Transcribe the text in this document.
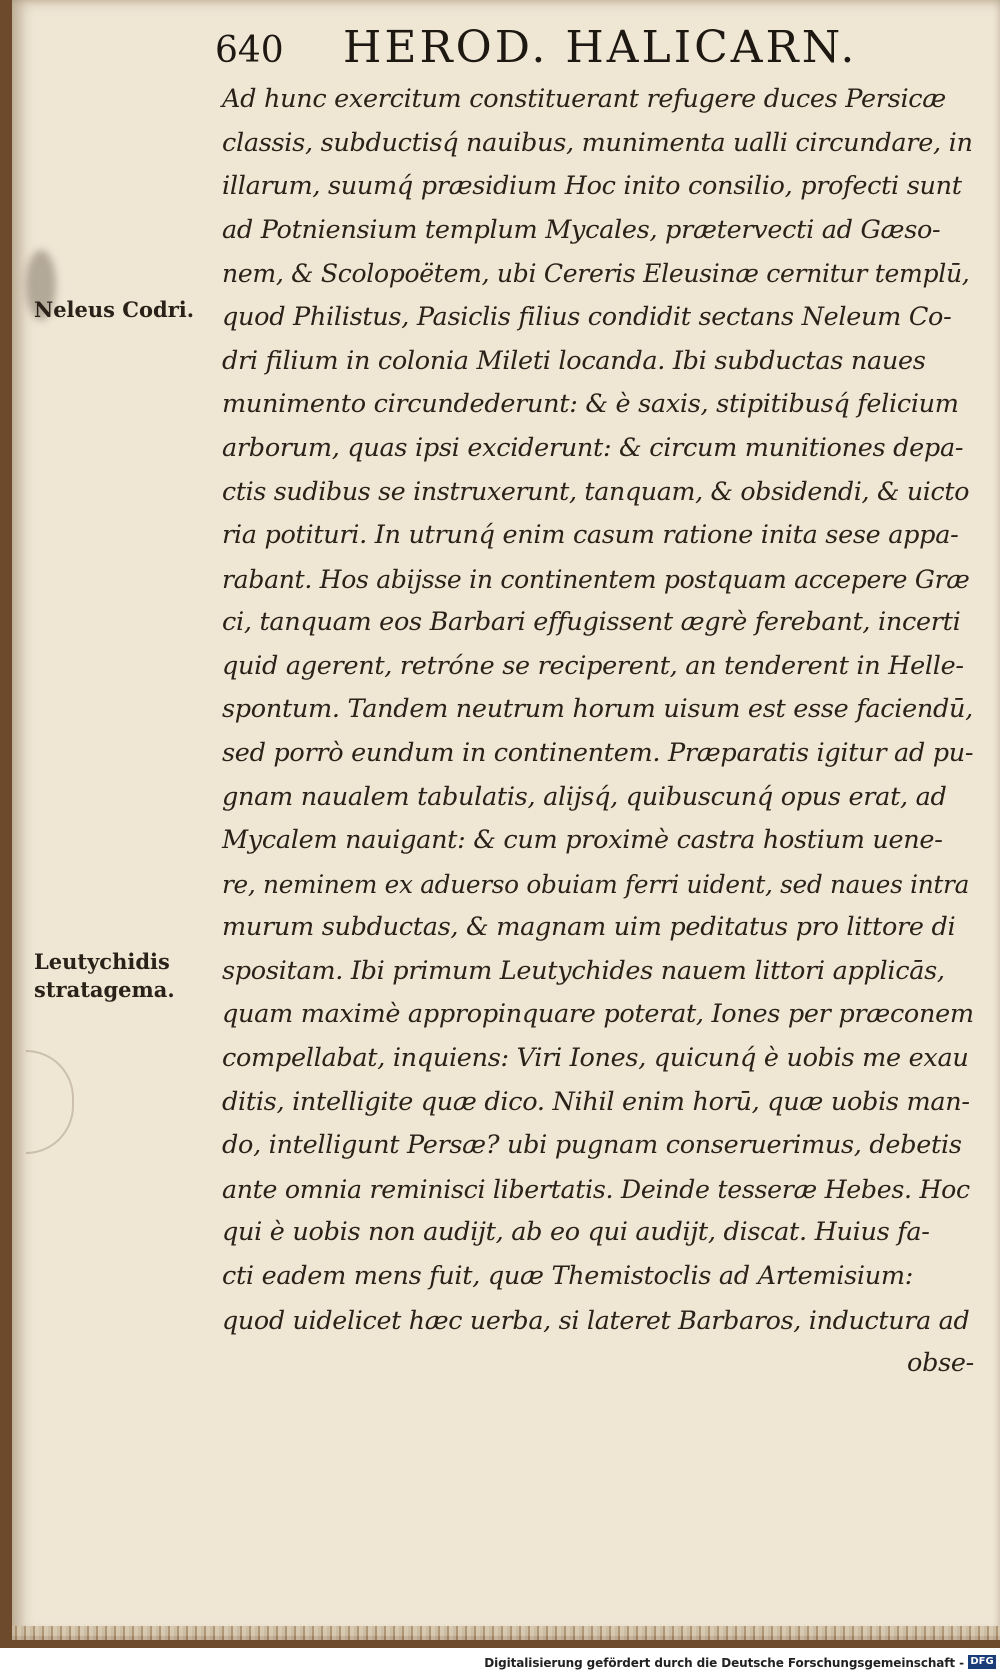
640 HEROD. HALICARN.
Neleus Codri.
Leutychidis
stratagema.
Ad hunc exercitum constituerant refugere duces Persicæ
classis, subductisq́ nauibus, munimenta ualli circundare, in
illarum, suumq́ præsidium Hoc inito consilio, profecti sunt
ad Potniensium templum Mycales, prætervecti ad Gæso-
nem, & Scolopoëtem, ubi Cereris Eleusinæ cernitur templū,
quod Philistus, Pasiclis filius condidit sectans Neleum Co-
dri filium in colonia Mileti locanda. Ibi subductas naues
munimento circundederunt: & è saxis, stipitibusq́ felicium
arborum, quas ipsi exciderunt: & circum munitiones depa-
ctis sudibus se instruxerunt, tanquam, & obsidendi, & uicto
ria potituri. In utrunq́ enim casum ratione inita sese appa-
rabant. Hos abijsse in continentem postquam accepere Græ
ci, tanquam eos Barbari effugissent ægrè ferebant, incerti
quid agerent, retróne se reciperent, an tenderent in Helle-
spontum. Tandem neutrum horum uisum est esse faciendū,
sed porrò eundum in continentem. Præparatis igitur ad pu-
gnam naualem tabulatis, alijsq́, quibuscunq́ opus erat, ad
Mycalem nauigant: & cum proximè castra hostium uene-
re, neminem ex aduerso obuiam ferri uident, sed naues intra
murum subductas, & magnam uim peditatus pro littore di
spositam. Ibi primum Leutychides nauem littori applicās,
quam maximè appropinquare poterat, Iones per præconem
compellabat, inquiens: Viri Iones, quicunq́ è uobis me exau
ditis, intelligite quæ dico. Nihil enim horū, quæ uobis man-
do, intelligunt Persæ? ubi pugnam conseruerimus, debetis
ante omnia reminisci libertatis. Deinde tesseræ Hebes. Hoc
qui è uobis non audijt, ab eo qui audijt, discat. Huius fa-
cti eadem mens fuit, quæ Themistoclis ad Artemisium:
quod uidelicet hæc uerba, si lateret Barbaros, inductura ad
obse-
Digitalisierung gefördert durch die Deutsche Forschungsgemeinschaft - DFG
